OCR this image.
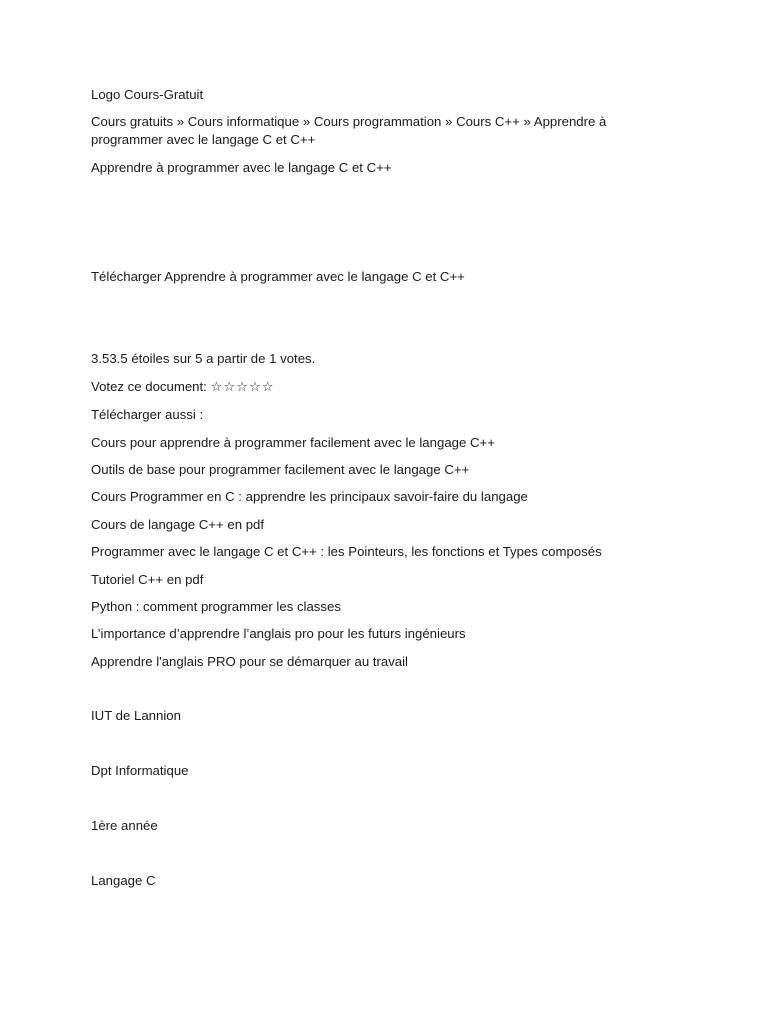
Logo Cours-Gratuit
Cours gratuits » Cours informatique » Cours programmation » Cours C++ » Apprendre à programmer avec le langage C et C++
Apprendre à programmer avec le langage C et C++
Télécharger Apprendre à programmer avec le langage C et C++
3.53.5 étoiles sur 5 a partir de 1 votes.
Votez ce document: ☆☆☆☆☆
Télécharger aussi :
Cours pour apprendre à programmer facilement avec le langage C++
Outils de base pour programmer facilement avec le langage C++
Cours Programmer en C : apprendre les principaux savoir-faire du langage
Cours de langage C++ en pdf
Programmer avec le langage C et C++ : les Pointeurs, les fonctions et Types composés
Tutoriel C++ en pdf
Python : comment programmer les classes
L’importance d’apprendre l’anglais pro pour les futurs ingénieurs
Apprendre l'anglais PRO pour se démarquer au travail
IUT de Lannion
Dpt Informatique
1ère année
Langage C
